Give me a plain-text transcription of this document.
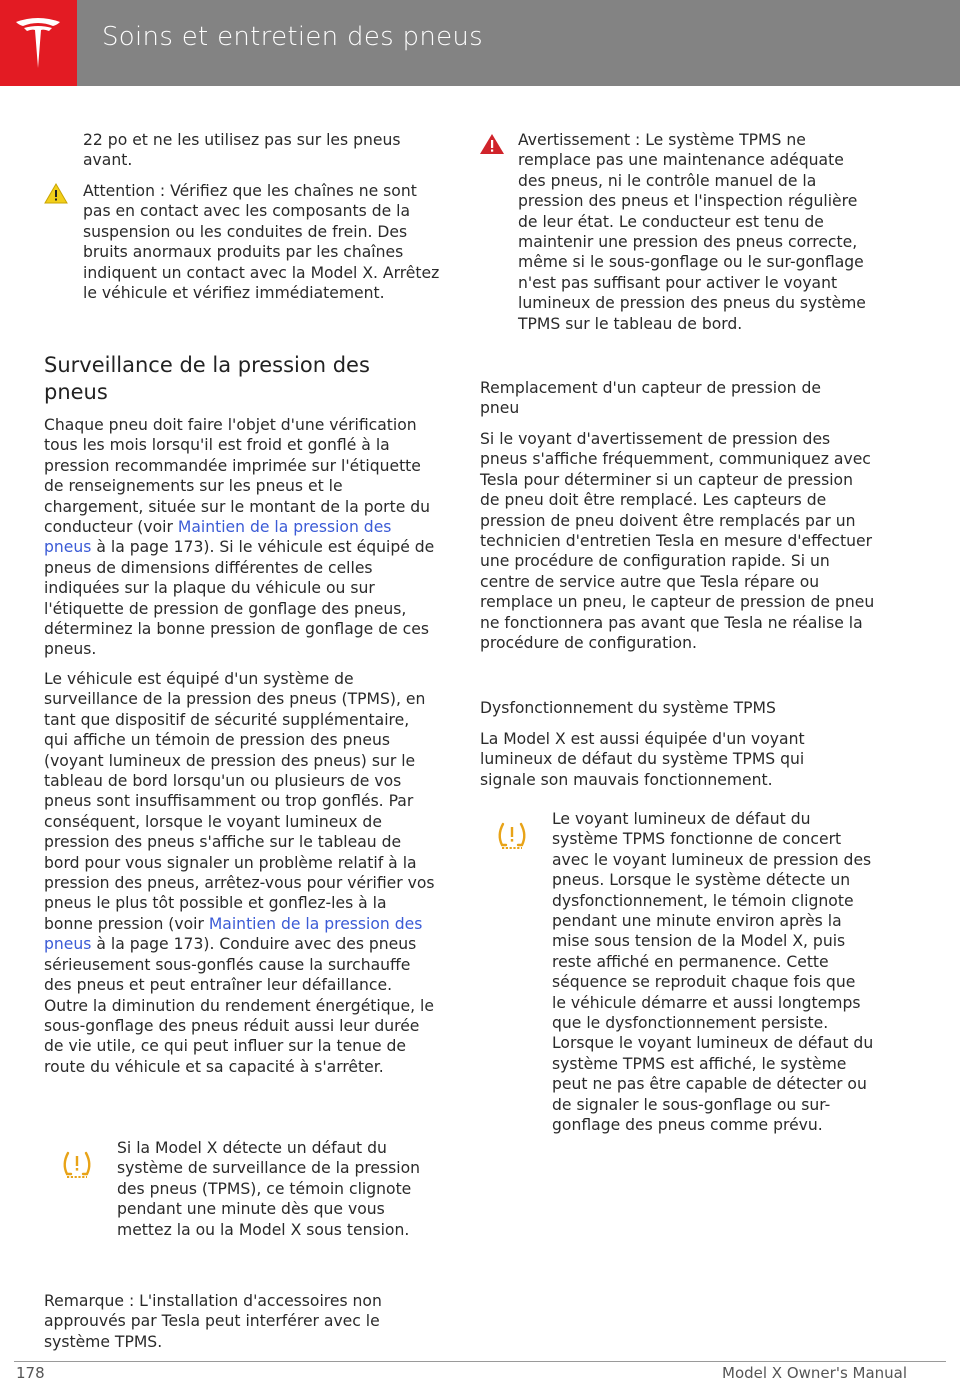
Soins et entretien des pneus

22 po et ne les utilisez pas sur les pneus avant.

Attention : Vérifiez que les chaînes ne sont pas en contact avec les composants de la suspension ou les conduites de frein. Des bruits anormaux produits par les chaînes indiquent un contact avec la Model X. Arrêtez le véhicule et vérifiez immédiatement.

Surveillance de la pression des pneus

Chaque pneu doit faire l'objet d'une vérification tous les mois lorsqu'il est froid et gonflé à la pression recommandée imprimée sur l'étiquette de renseignements sur les pneus et le chargement, située sur le montant de la porte du conducteur (voir Maintien de la pression des pneus à la page 173). Si le véhicule est équipé de pneus de dimensions différentes de celles indiquées sur la plaque du véhicule ou sur l'étiquette de pression de gonflage des pneus, déterminez la bonne pression de gonflage de ces pneus.

Le véhicule est équipé d'un système de surveillance de la pression des pneus (TPMS), en tant que dispositif de sécurité supplémentaire, qui affiche un témoin de pression des pneus (voyant lumineux de pression des pneus) sur le tableau de bord lorsqu'un ou plusieurs de vos pneus sont insuffisamment ou trop gonflés. Par conséquent, lorsque le voyant lumineux de pression des pneus s'affiche sur le tableau de bord pour vous signaler un problème relatif à la pression des pneus, arrêtez-vous pour vérifier vos pneus le plus tôt possible et gonflez-les à la bonne pression (voir Maintien de la pression des pneus à la page 173). Conduire avec des pneus sérieusement sous-gonflés cause la surchauffe des pneus et peut entraîner leur défaillance. Outre la diminution du rendement énergétique, le sous-gonflage des pneus réduit aussi leur durée de vie utile, ce qui peut influer sur la tenue de route du véhicule et sa capacité à s'arrêter.

Si la Model X détecte un défaut du système de surveillance de la pression des pneus (TPMS), ce témoin clignote pendant une minute dès que vous mettez la ou la Model X sous tension.

Remarque : L'installation d'accessoires non approuvés par Tesla peut interférer avec le système TPMS.

Avertissement : Le système TPMS ne remplace pas une maintenance adéquate des pneus, ni le contrôle manuel de la pression des pneus et l'inspection régulière de leur état. Le conducteur est tenu de maintenir une pression des pneus correcte, même si le sous-gonflage ou le sur-gonflage n'est pas suffisant pour activer le voyant lumineux de pression des pneus du système TPMS sur le tableau de bord.

Remplacement d'un capteur de pression de pneu

Si le voyant d'avertissement de pression des pneus s'affiche fréquemment, communiquez avec Tesla pour déterminer si un capteur de pression de pneu doit être remplacé. Les capteurs de pression de pneu doivent être remplacés par un technicien d'entretien Tesla en mesure d'effectuer une procédure de configuration rapide. Si un centre de service autre que Tesla répare ou remplace un pneu, le capteur de pression de pneu ne fonctionnera pas avant que Tesla ne réalise la procédure de configuration.

Dysfonctionnement du système TPMS

La Model X est aussi équipée d'un voyant lumineux de défaut du système TPMS qui signale son mauvais fonctionnement.

Le voyant lumineux de défaut du système TPMS fonctionne de concert avec le voyant lumineux de pression des pneus. Lorsque le système détecte un dysfonctionnement, le témoin clignote pendant une minute environ après la mise sous tension de la Model X, puis reste affiché en permanence. Cette séquence se reproduit chaque fois que le véhicule démarre et aussi longtemps que le dysfonctionnement persiste. Lorsque le voyant lumineux de défaut du système TPMS est affiché, le système peut ne pas être capable de détecter ou de signaler le sous-gonflage ou sur-gonflage des pneus comme prévu.

178	Model X Owner's Manual
